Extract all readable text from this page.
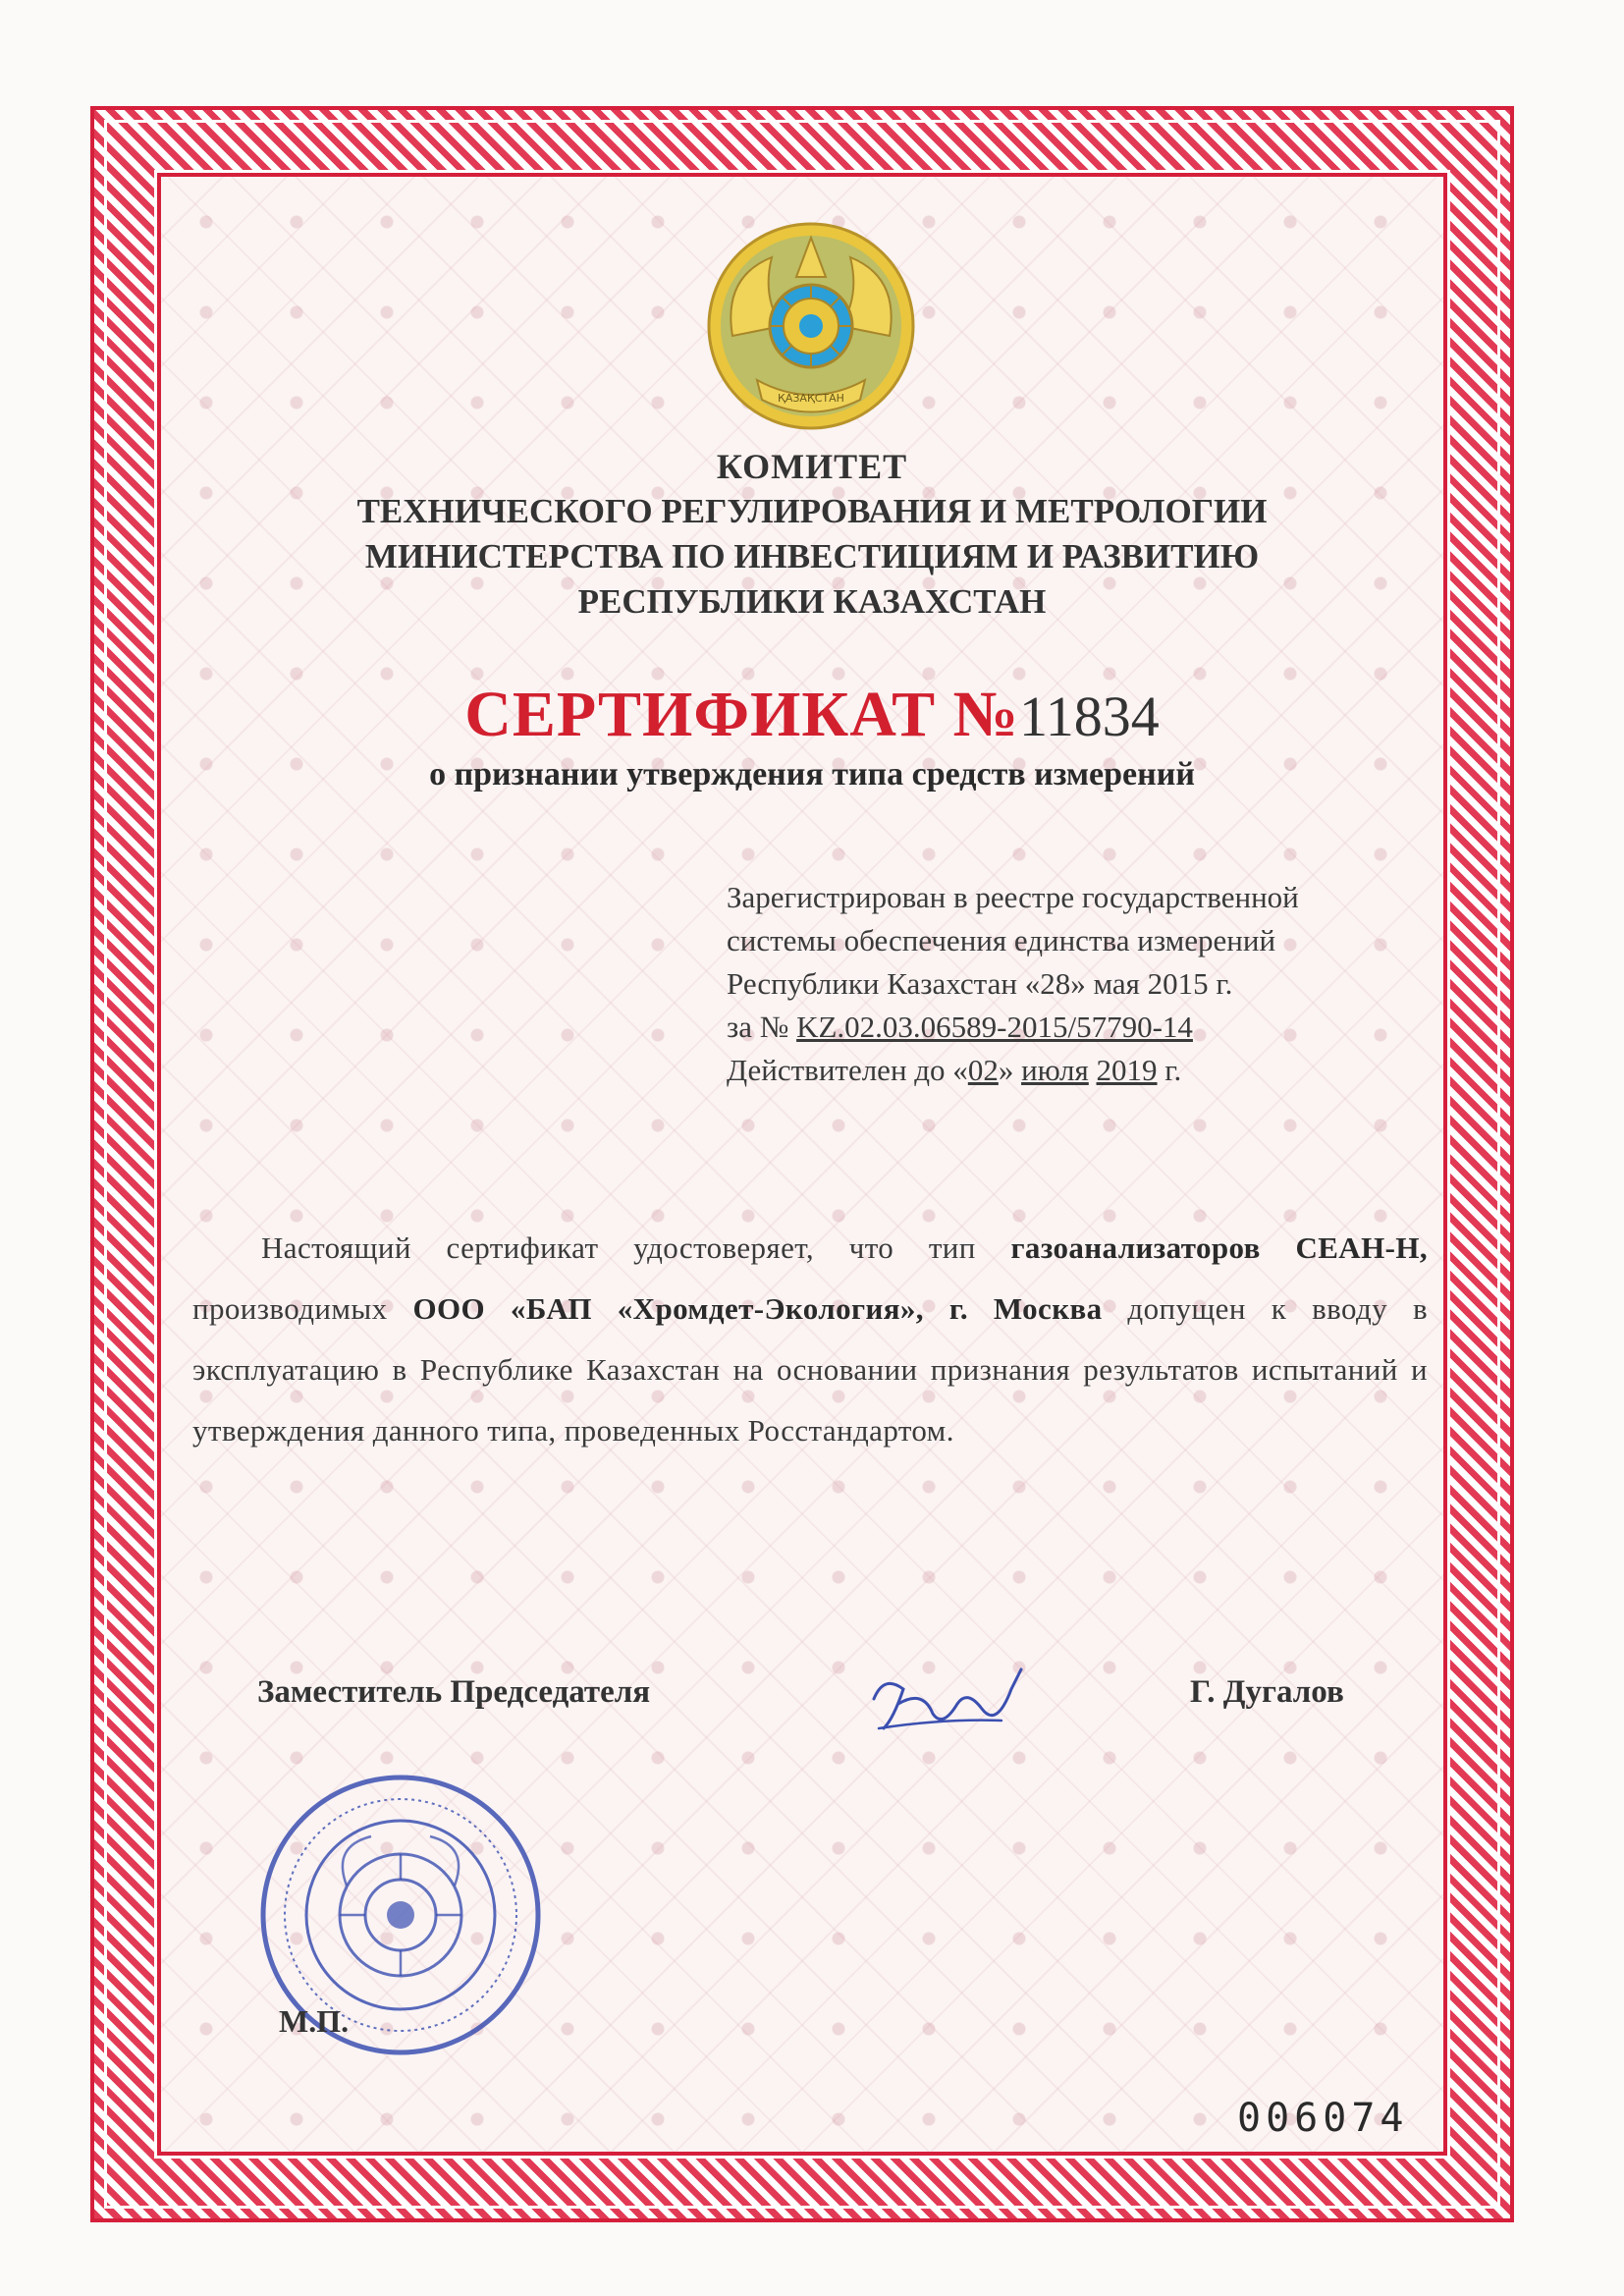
ҚАЗАҚСТАН
КОМИТЕТ
ТЕХНИЧЕСКОГО РЕГУЛИРОВАНИЯ И МЕТРОЛОГИИ
МИНИСТЕРСТВА ПО ИНВЕСТИЦИЯМ И РАЗВИТИЮ
РЕСПУБЛИКИ КАЗАХСТАН
СЕРТИФИКАТ №11834
о признании утверждения типа средств измерений
Зарегистрирован в реестре государственной
системы обеспечения единства измерений
Республики Казахстан «28» мая 2015 г.
за № KZ.02.03.06589-2015/57790-14
Действителен до «02» июля 2019 г.
Настоящий сертификат удостоверяет, что тип газоанализаторов СЕАН-Н, производимых ООО «БАП «Хромдет-Экология», г. Москва допущен к вводу в эксплуатацию в Республике Казахстан на основании признания результатов испытаний и утверждения данного типа, проведенных Росстандартом.
Заместитель Председателя	Г. Дугалов
М.П.
006074
